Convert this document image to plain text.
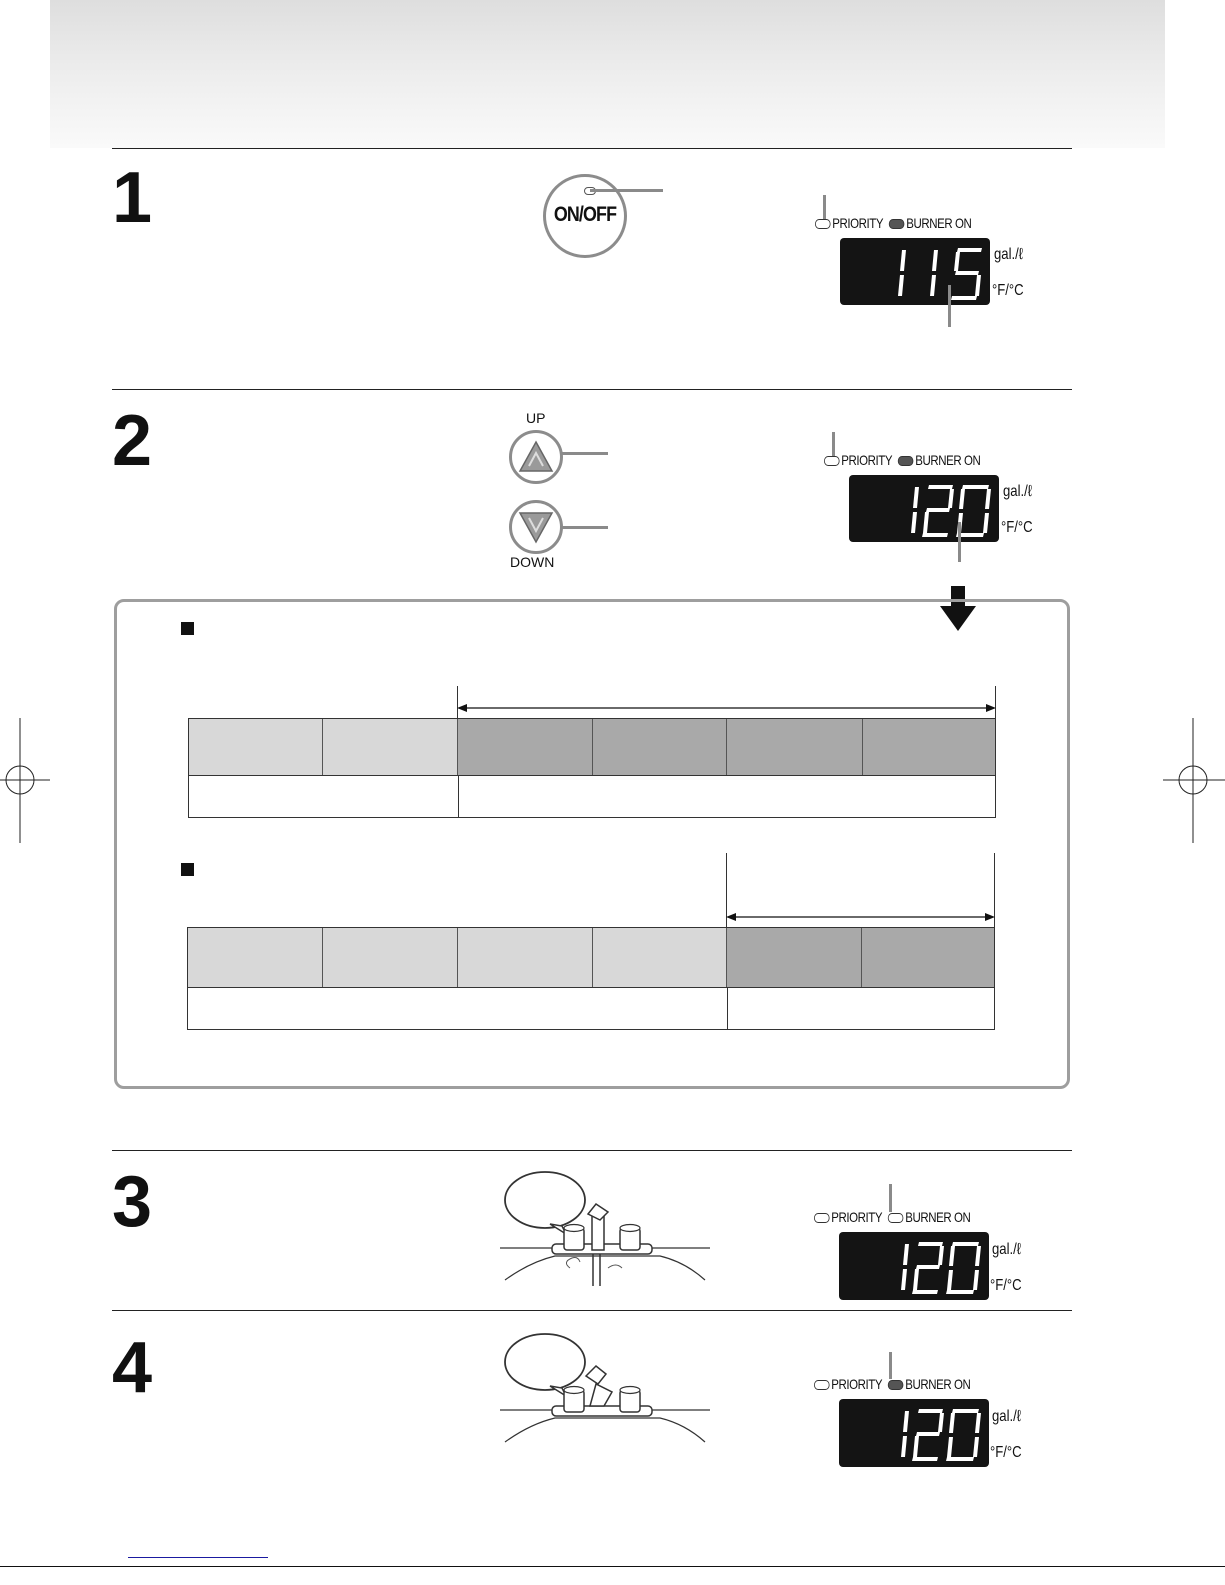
1	ON/OFF	PRIORITY BURNER ON
gal./ℓ
°F/°C
2	UP
DOWN
PRIORITY BURNER ON
gal./ℓ
°F/°C
3	PRIORITY BURNER ON
gal./ℓ
°F/°C
4	PRIORITY BURNER ON
gal./ℓ
°F/°C
